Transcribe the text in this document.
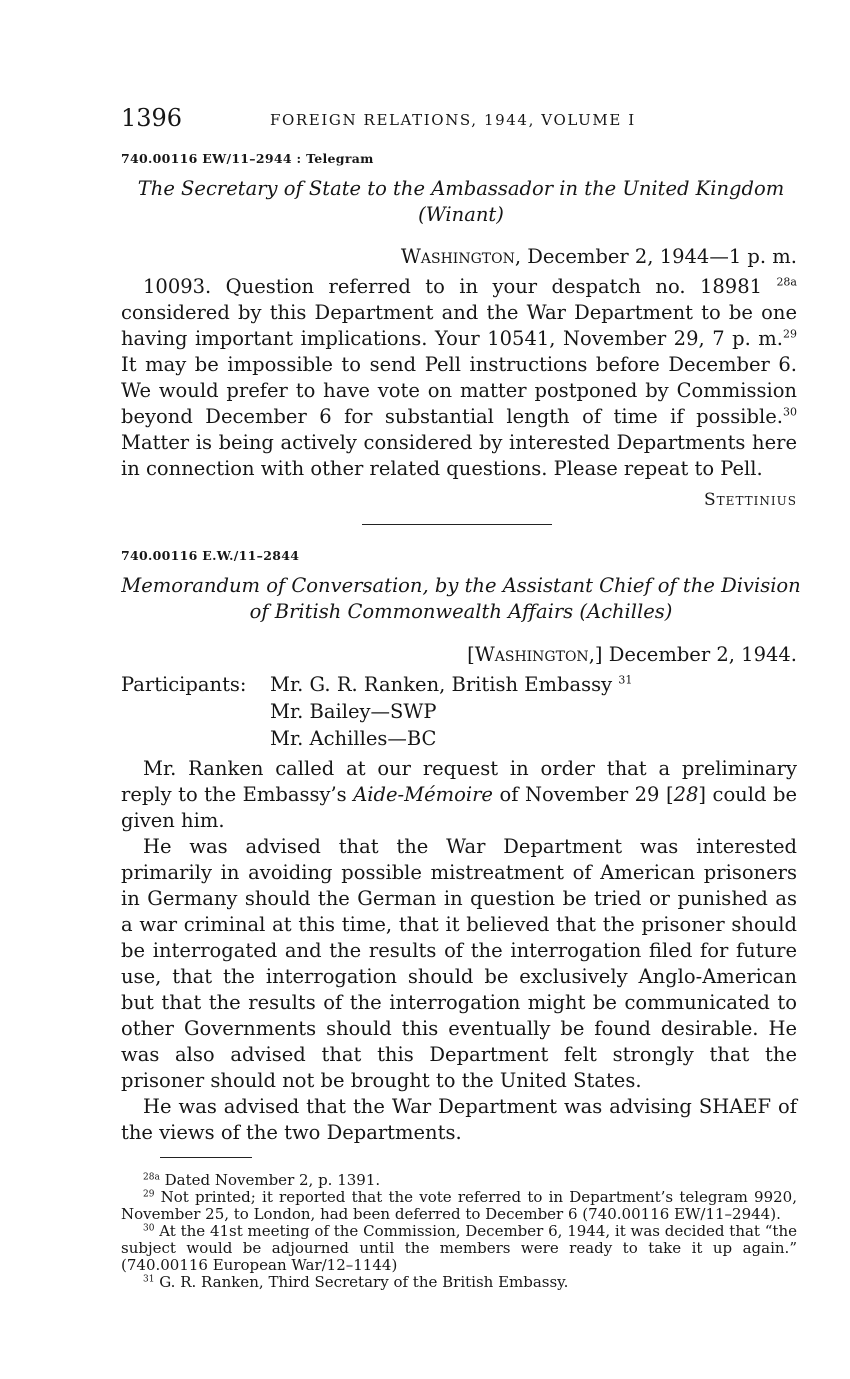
1396	FOREIGN RELATIONS, 1944, VOLUME I
740.00116 EW/11–2944 : Telegram
The Secretary of State to the Ambassador in the United Kingdom
(Winant)
Washington, December 2, 1944—1 p. m.

10093. Question referred to in your despatch no. 18981 $^{28a}$ considered by this Department and the War Department to be one having important implications. Your 10541, November 29, 7 p. m.$^{29}$ It may be impossible to send Pell instructions before December 6. We would prefer to have vote on matter postponed by Commission beyond December 6 for substantial length of time if possible.$^{30}$ Matter is being actively considered by interested Departments here in connection with other related questions. Please repeat to Pell.

Stettinius
740.00116 E.W./11–2844
Memorandum of Conversation, by the Assistant Chief of the Division
of British Commonwealth Affairs (Achilles)
[Washington,] December 2, 1944.
Participants: Mr. G. R. Ranken, British Embassy $^{31}$
Mr. Bailey—SWP
Mr. Achilles—BC

Mr. Ranken called at our request in order that a preliminary reply to the Embassy’s Aide-Mémoire of November 29 [28] could be given him.

He was advised that the War Department was interested primarily in avoiding possible mistreatment of American prisoners in Germany should the German in question be tried or punished as a war criminal at this time, that it believed that the prisoner should be interrogated and the results of the interrogation filed for future use, that the interrogation should be exclusively Anglo-American but that the results of the interrogation might be communicated to other Governments should this eventually be found desirable. He was also advised that this Department felt strongly that the prisoner should not be brought to the United States.

He was advised that the War Department was advising SHAEF of the views of the two Departments.

$^{28a}$ Dated November 2, p. 1391.

$^{29}$ Not printed; it reported that the vote referred to in Department’s telegram 9920, November 25, to London, had been deferred to December 6 (740.00116 EW/11–2944).

$^{30}$ At the 41st meeting of the Commission, December 6, 1944, it was decided that “the subject would be adjourned until the members were ready to take it up again.” (740.00116 European War/12–1144)

$^{31}$ G. R. Ranken, Third Secretary of the British Embassy.
